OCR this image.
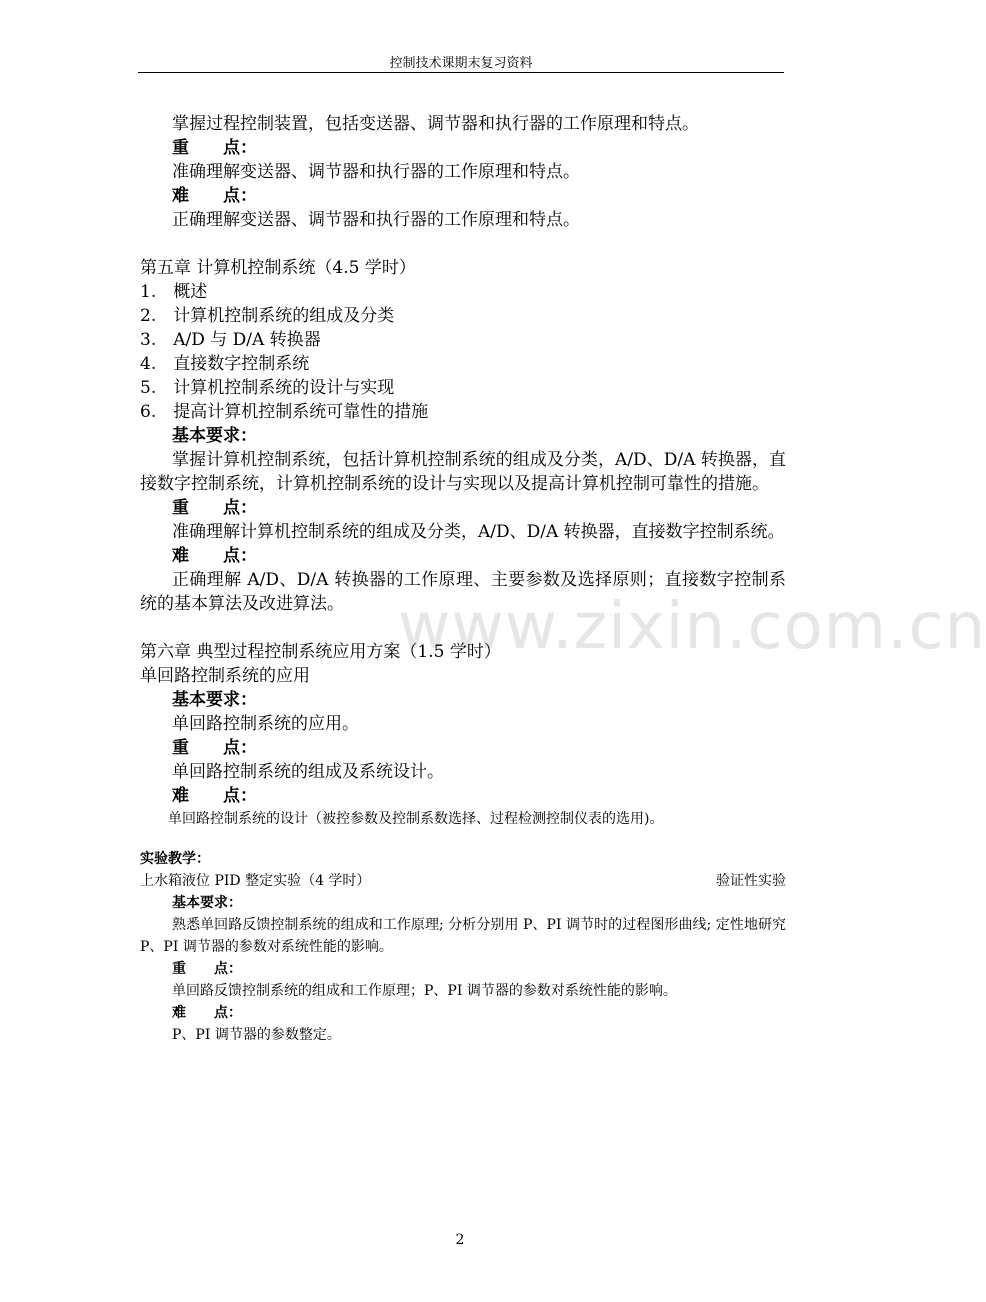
控制技术课期末复习资料
www.zixin.com.cn
掌握过程控制装置，包括变送器、调节器和执行器的工作原理和特点。
重　　点：
准确理解变送器、调节器和执行器的工作原理和特点。
难　　点：
正确理解变送器、调节器和执行器的工作原理和特点。
第五章 计算机控制系统（4.5 学时）
1.　概述
2.　计算机控制系统的组成及分类
3.　A/D 与 D/A 转换器
4.　直接数字控制系统
5.　计算机控制系统的设计与实现
6.　提高计算机控制系统可靠性的措施
基本要求：
掌握计算机控制系统，包括计算机控制系统的组成及分类，A/D、D/A 转换器，直接数字控制系统，计算机控制系统的设计与实现以及提高计算机控制可靠性的措施。
重　　点：
准确理解计算机控制系统的组成及分类，A/D、D/A 转换器，直接数字控制系统。
难　　点：
正确理解 A/D、D/A 转换器的工作原理、主要参数及选择原则；直接数字控制系统的基本算法及改进算法。
第六章 典型过程控制系统应用方案（1.5 学时）
单回路控制系统的应用
基本要求：
单回路控制系统的应用。
重　　点：
单回路控制系统的组成及系统设计。
难　　点：
单回路控制系统的设计（被控参数及控制系数选择、过程检测控制仪表的选用)。
实验教学：
上水箱液位 PID 整定实验（4 学时）	验证性实验
基本要求：
熟悉单回路反馈控制系统的组成和工作原理; 分析分别用 P、PI 调节时的过程图形曲线; 定性地研究 P、PI 调节器的参数对系统性能的影响。
重　　点：
单回路反馈控制系统的组成和工作原理；P、PI 调节器的参数对系统性能的影响。
难　　点：
P、PI 调节器的参数整定。
2
